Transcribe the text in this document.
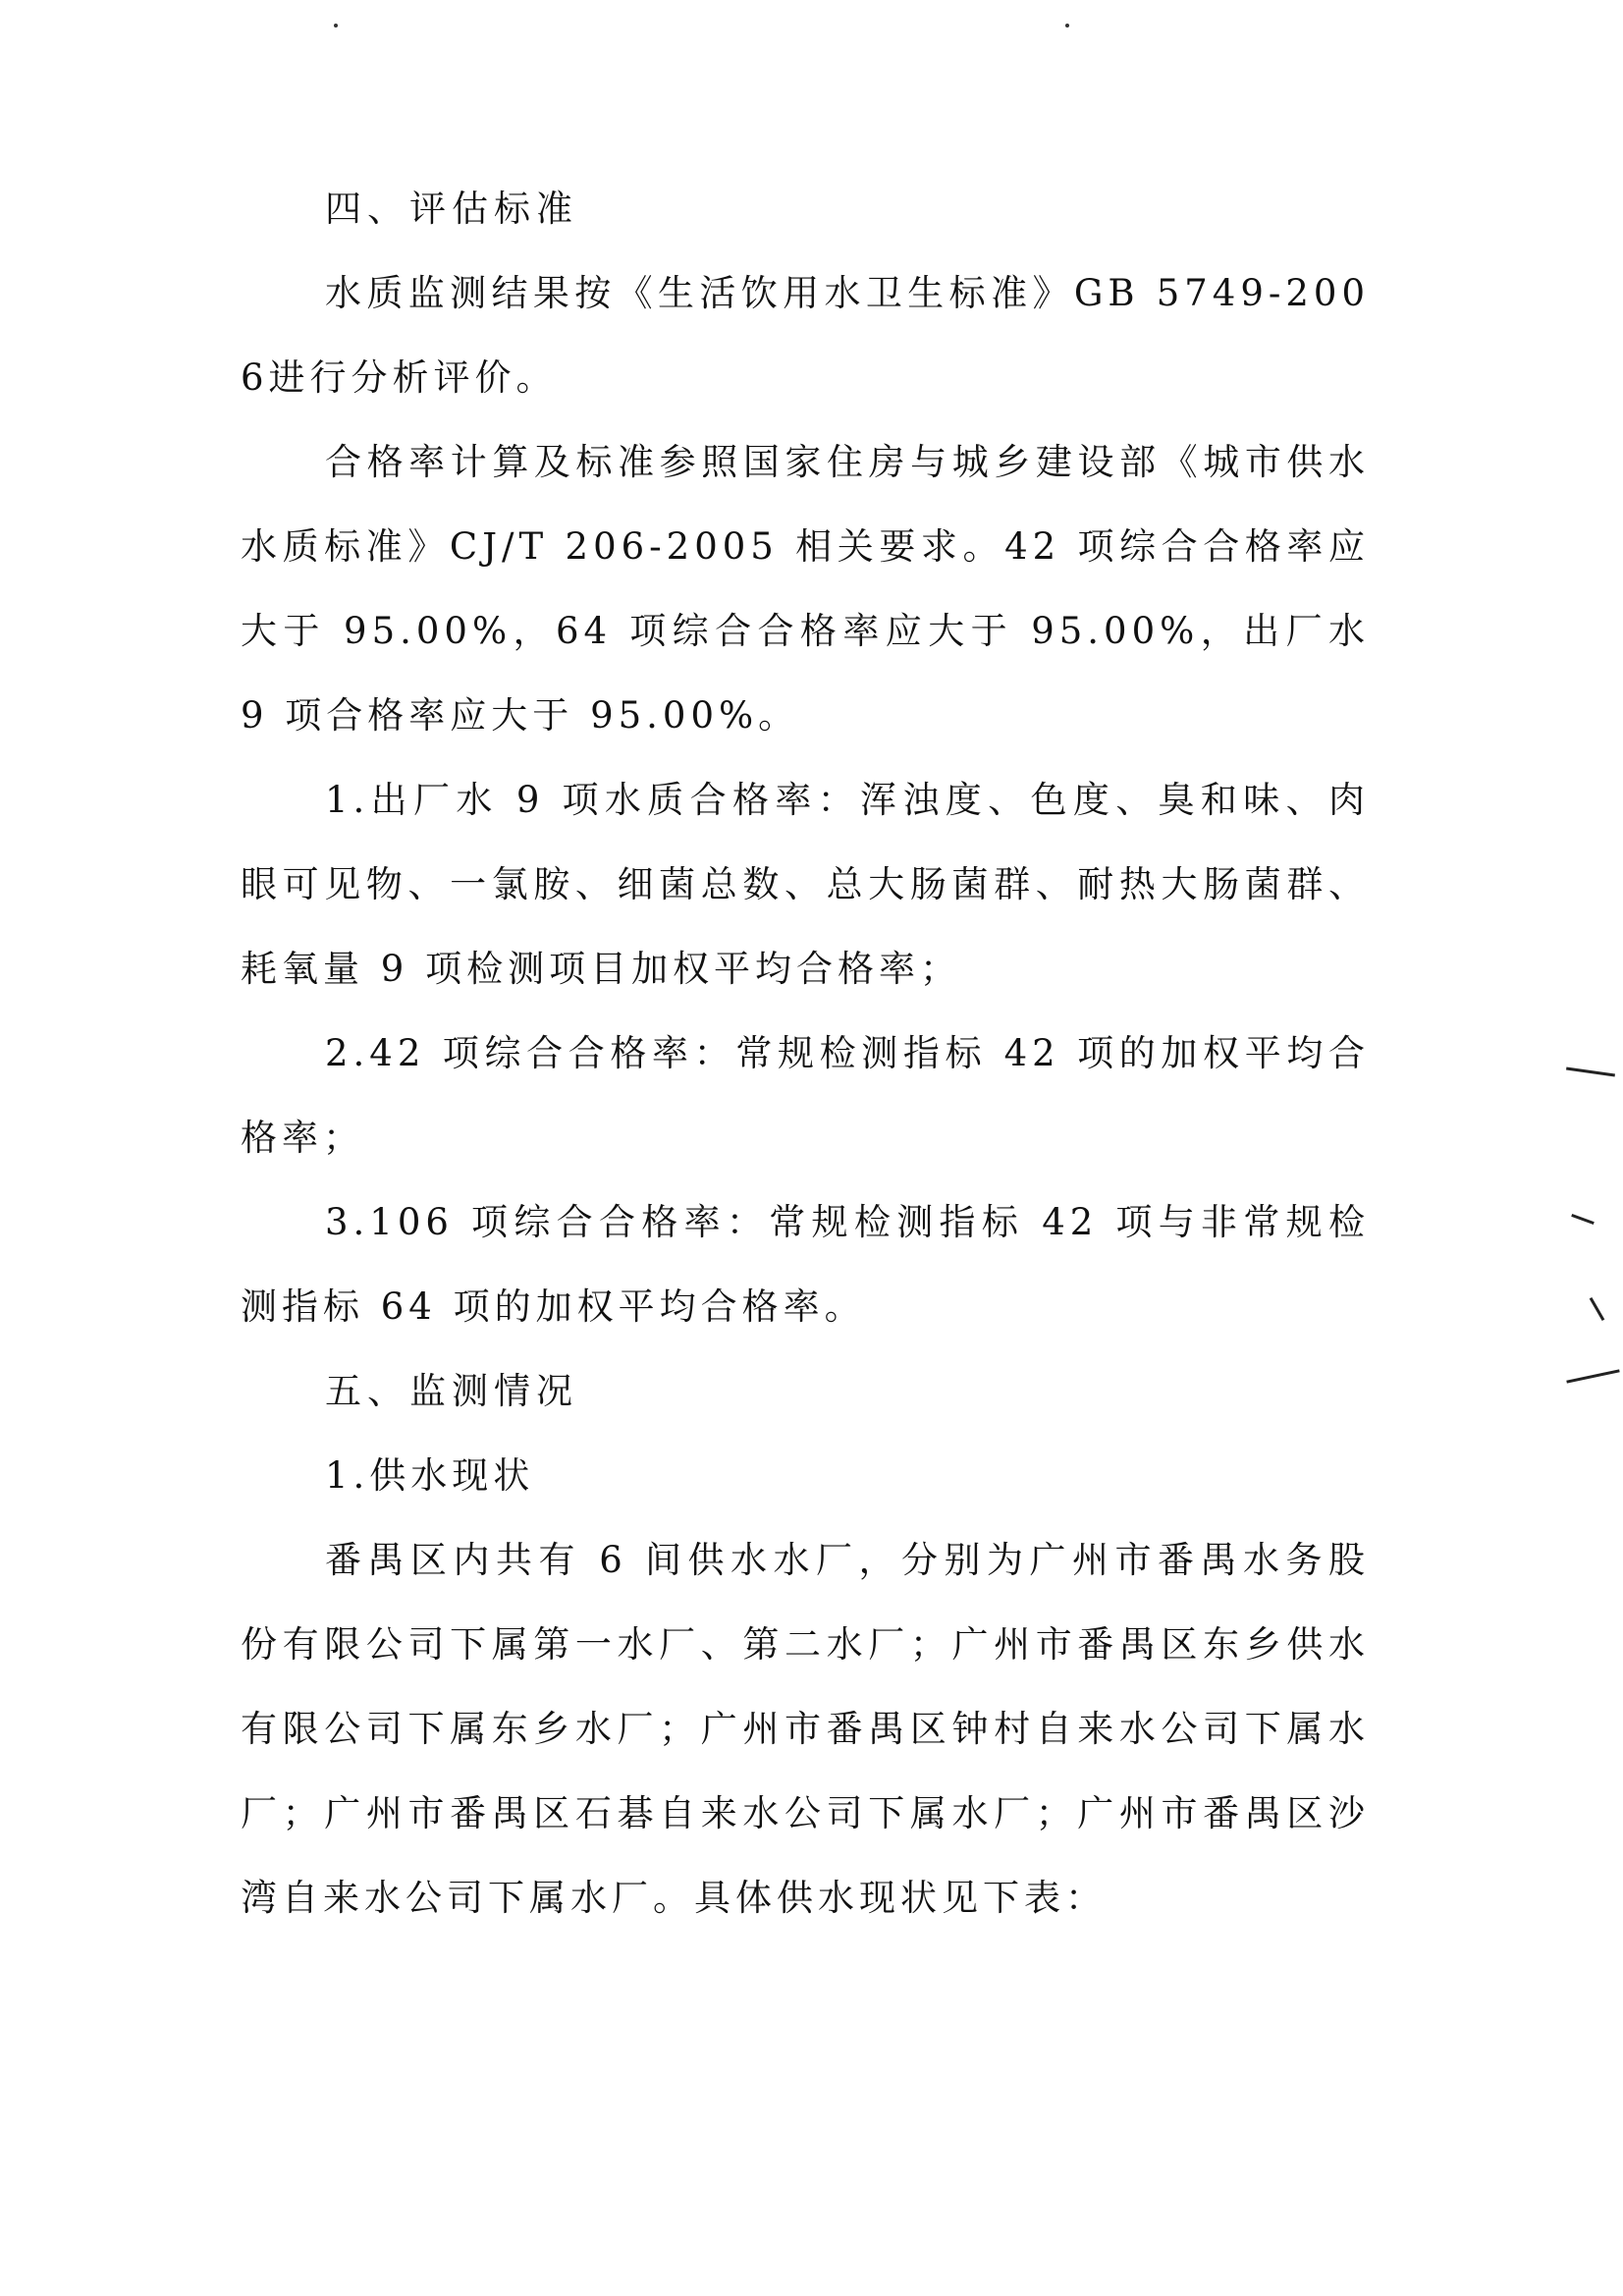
四、评估标准

水质监测结果按《生活饮用水卫生标准》GB 5749-2006进行分析评价。

合格率计算及标准参照国家住房与城乡建设部《城市供水水质标准》CJ/T 206-2005 相关要求。42 项综合合格率应大于 95.00%，64 项综合合格率应大于 95.00%，出厂水 9 项合格率应大于 95.00%。

1.出厂水 9 项水质合格率：浑浊度、色度、臭和味、肉眼可见物、一氯胺、细菌总数、总大肠菌群、耐热大肠菌群、耗氧量 9 项检测项目加权平均合格率；

2.42 项综合合格率：常规检测指标 42 项的加权平均合格率；

3.106 项综合合格率：常规检测指标 42 项与非常规检测指标 64 项的加权平均合格率。

五、监测情况

1.供水现状

番禺区内共有 6 间供水水厂，分别为广州市番禺水务股份有限公司下属第一水厂、第二水厂；广州市番禺区东乡供水有限公司下属东乡水厂；广州市番禺区钟村自来水公司下属水厂；广州市番禺区石碁自来水公司下属水厂；广州市番禺区沙湾自来水公司下属水厂。具体供水现状见下表：
